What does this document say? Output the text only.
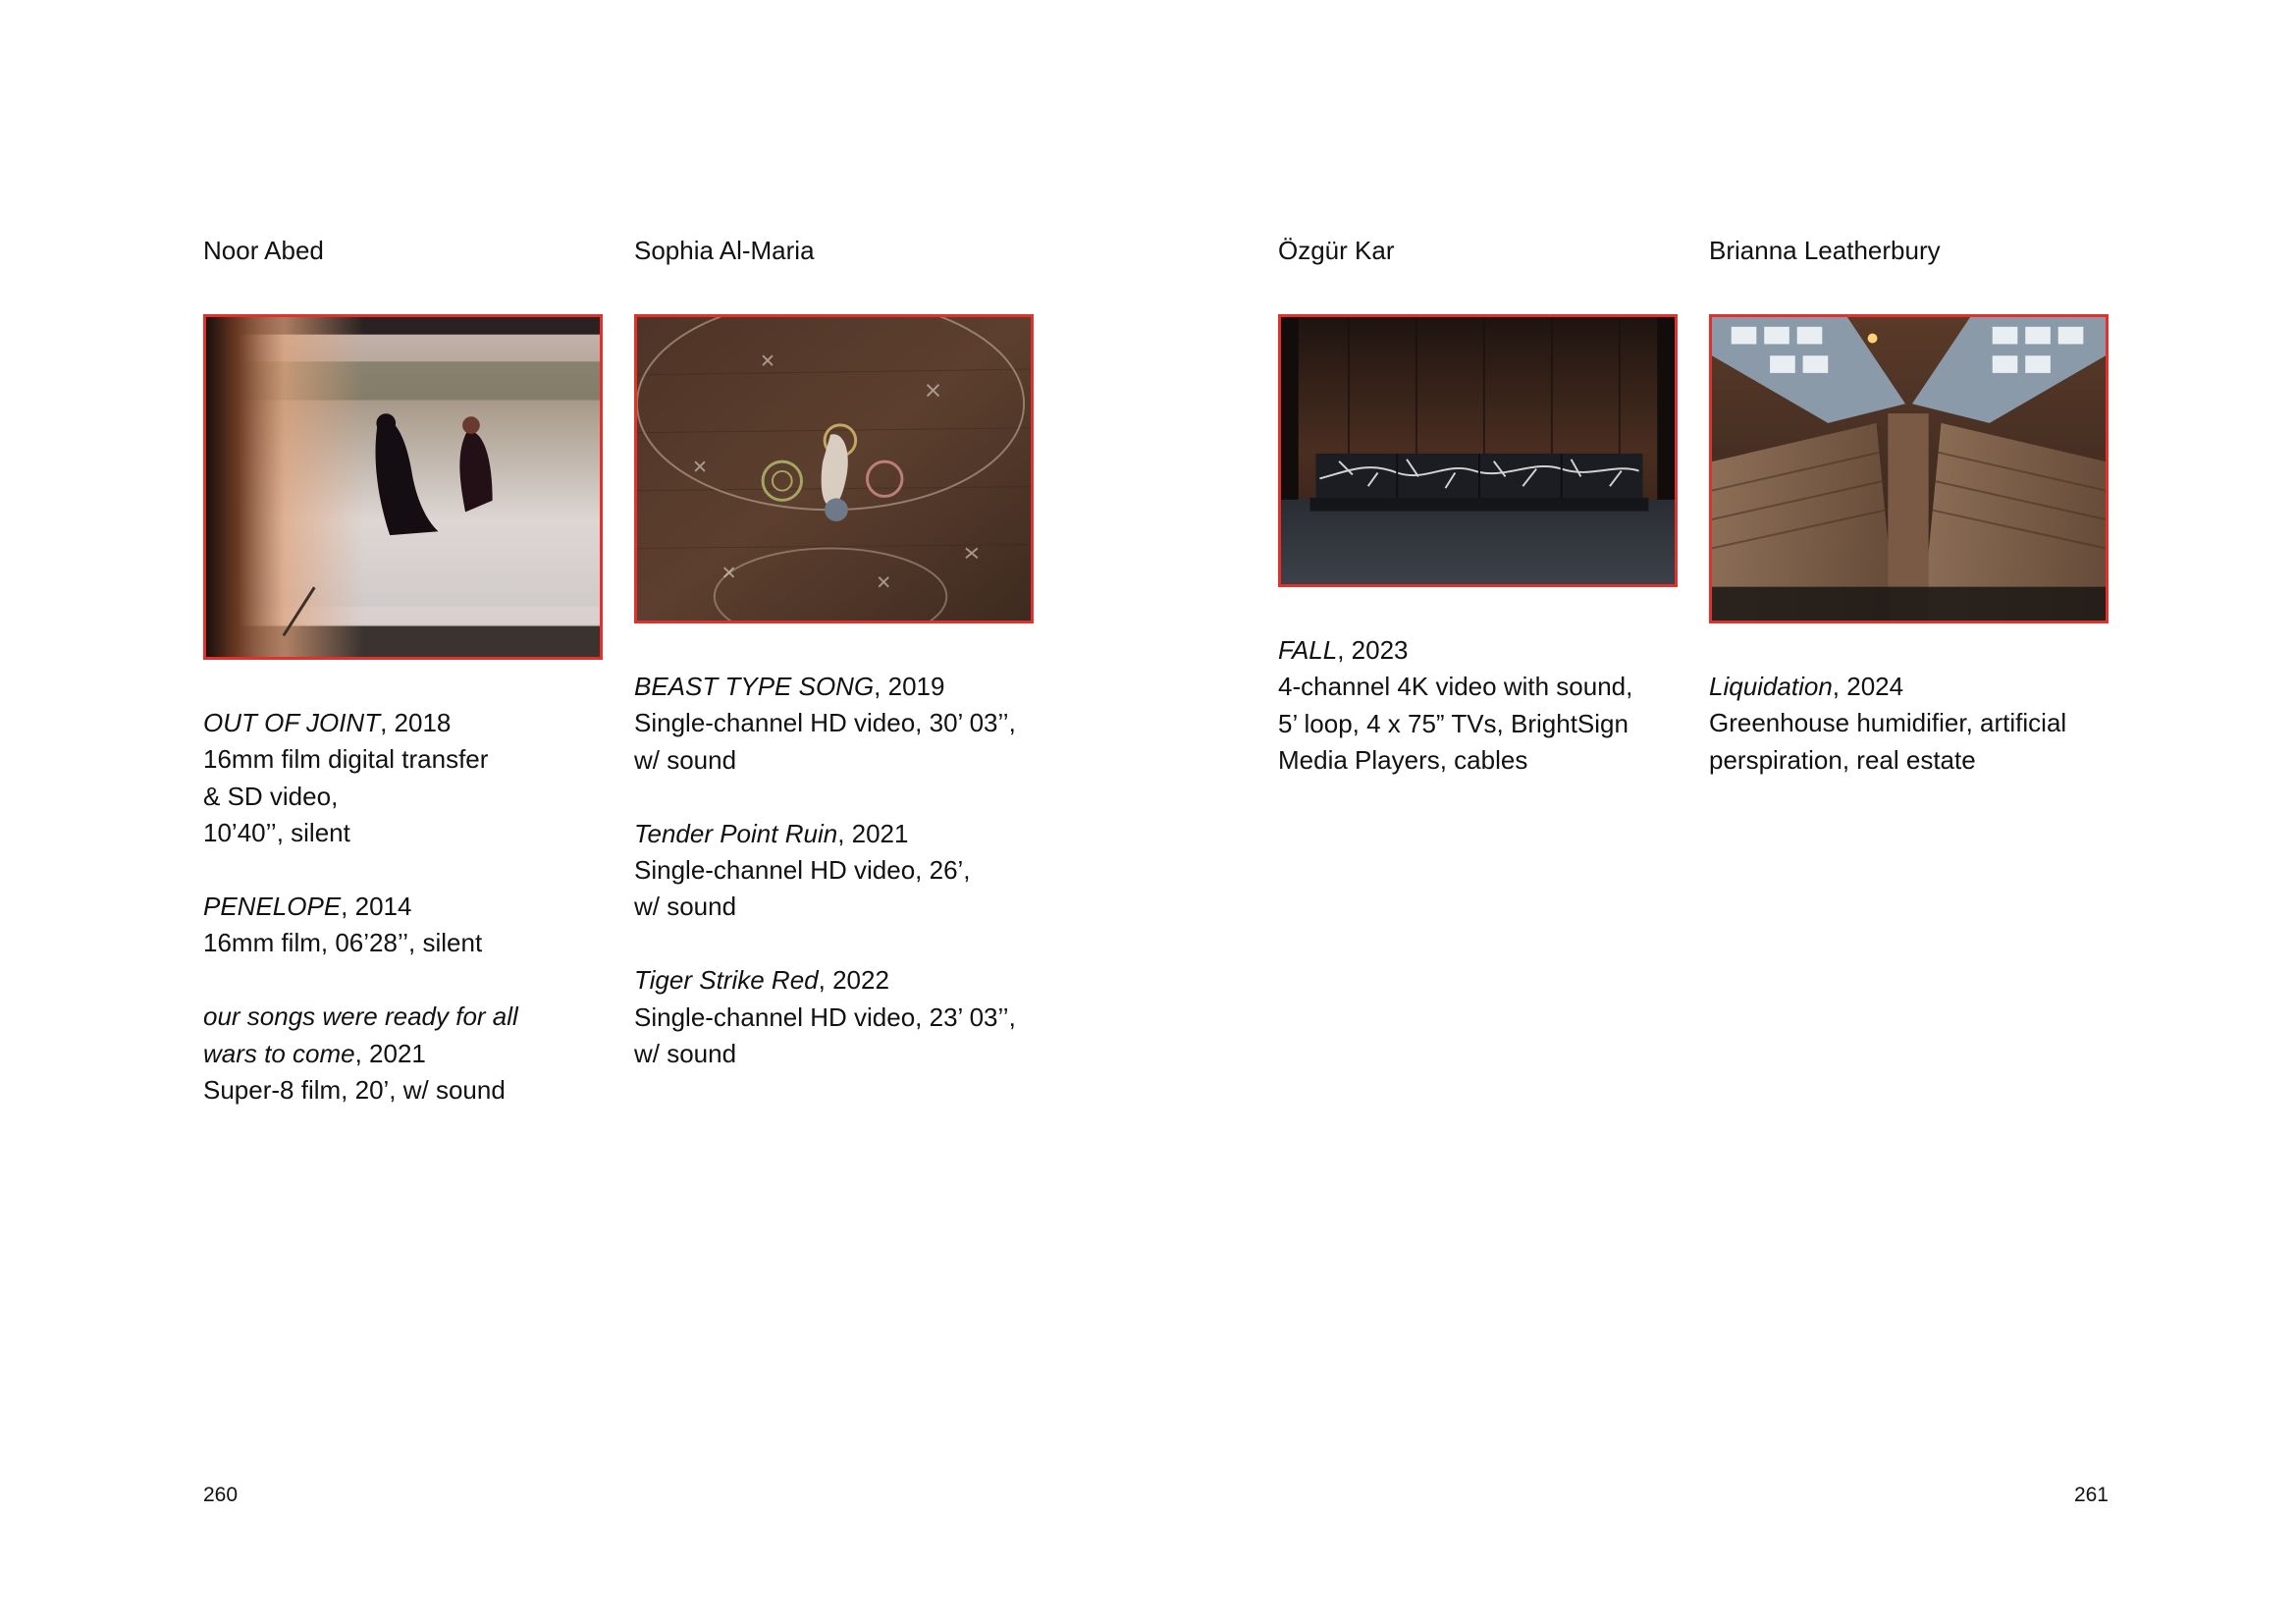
Noor Abed
OUT OF JOINT, 2018
16mm film digital transfer
& SD video,
10’40’’, silent
PENELOPE, 2014
16mm film, 06’28’’, silent
our songs were ready for all
wars to come, 2021
Super-8 film, 20’, w/ sound
Sophia Al-Maria
BEAST TYPE SONG, 2019
Single-channel HD video, 30’ 03’’,
w/ sound
Tender Point Ruin, 2021
Single-channel HD video, 26’,
w/ sound
Tiger Strike Red, 2022
Single-channel HD video, 23’ 03’’,
w/ sound
Özgür Kar
FALL, 2023
4-channel 4K video with sound,
5’ loop, 4 x 75” TVs, BrightSign
Media Players, cables
Brianna Leatherbury
Liquidation, 2024
Greenhouse humidifier, artificial
perspiration, real estate
260	261
